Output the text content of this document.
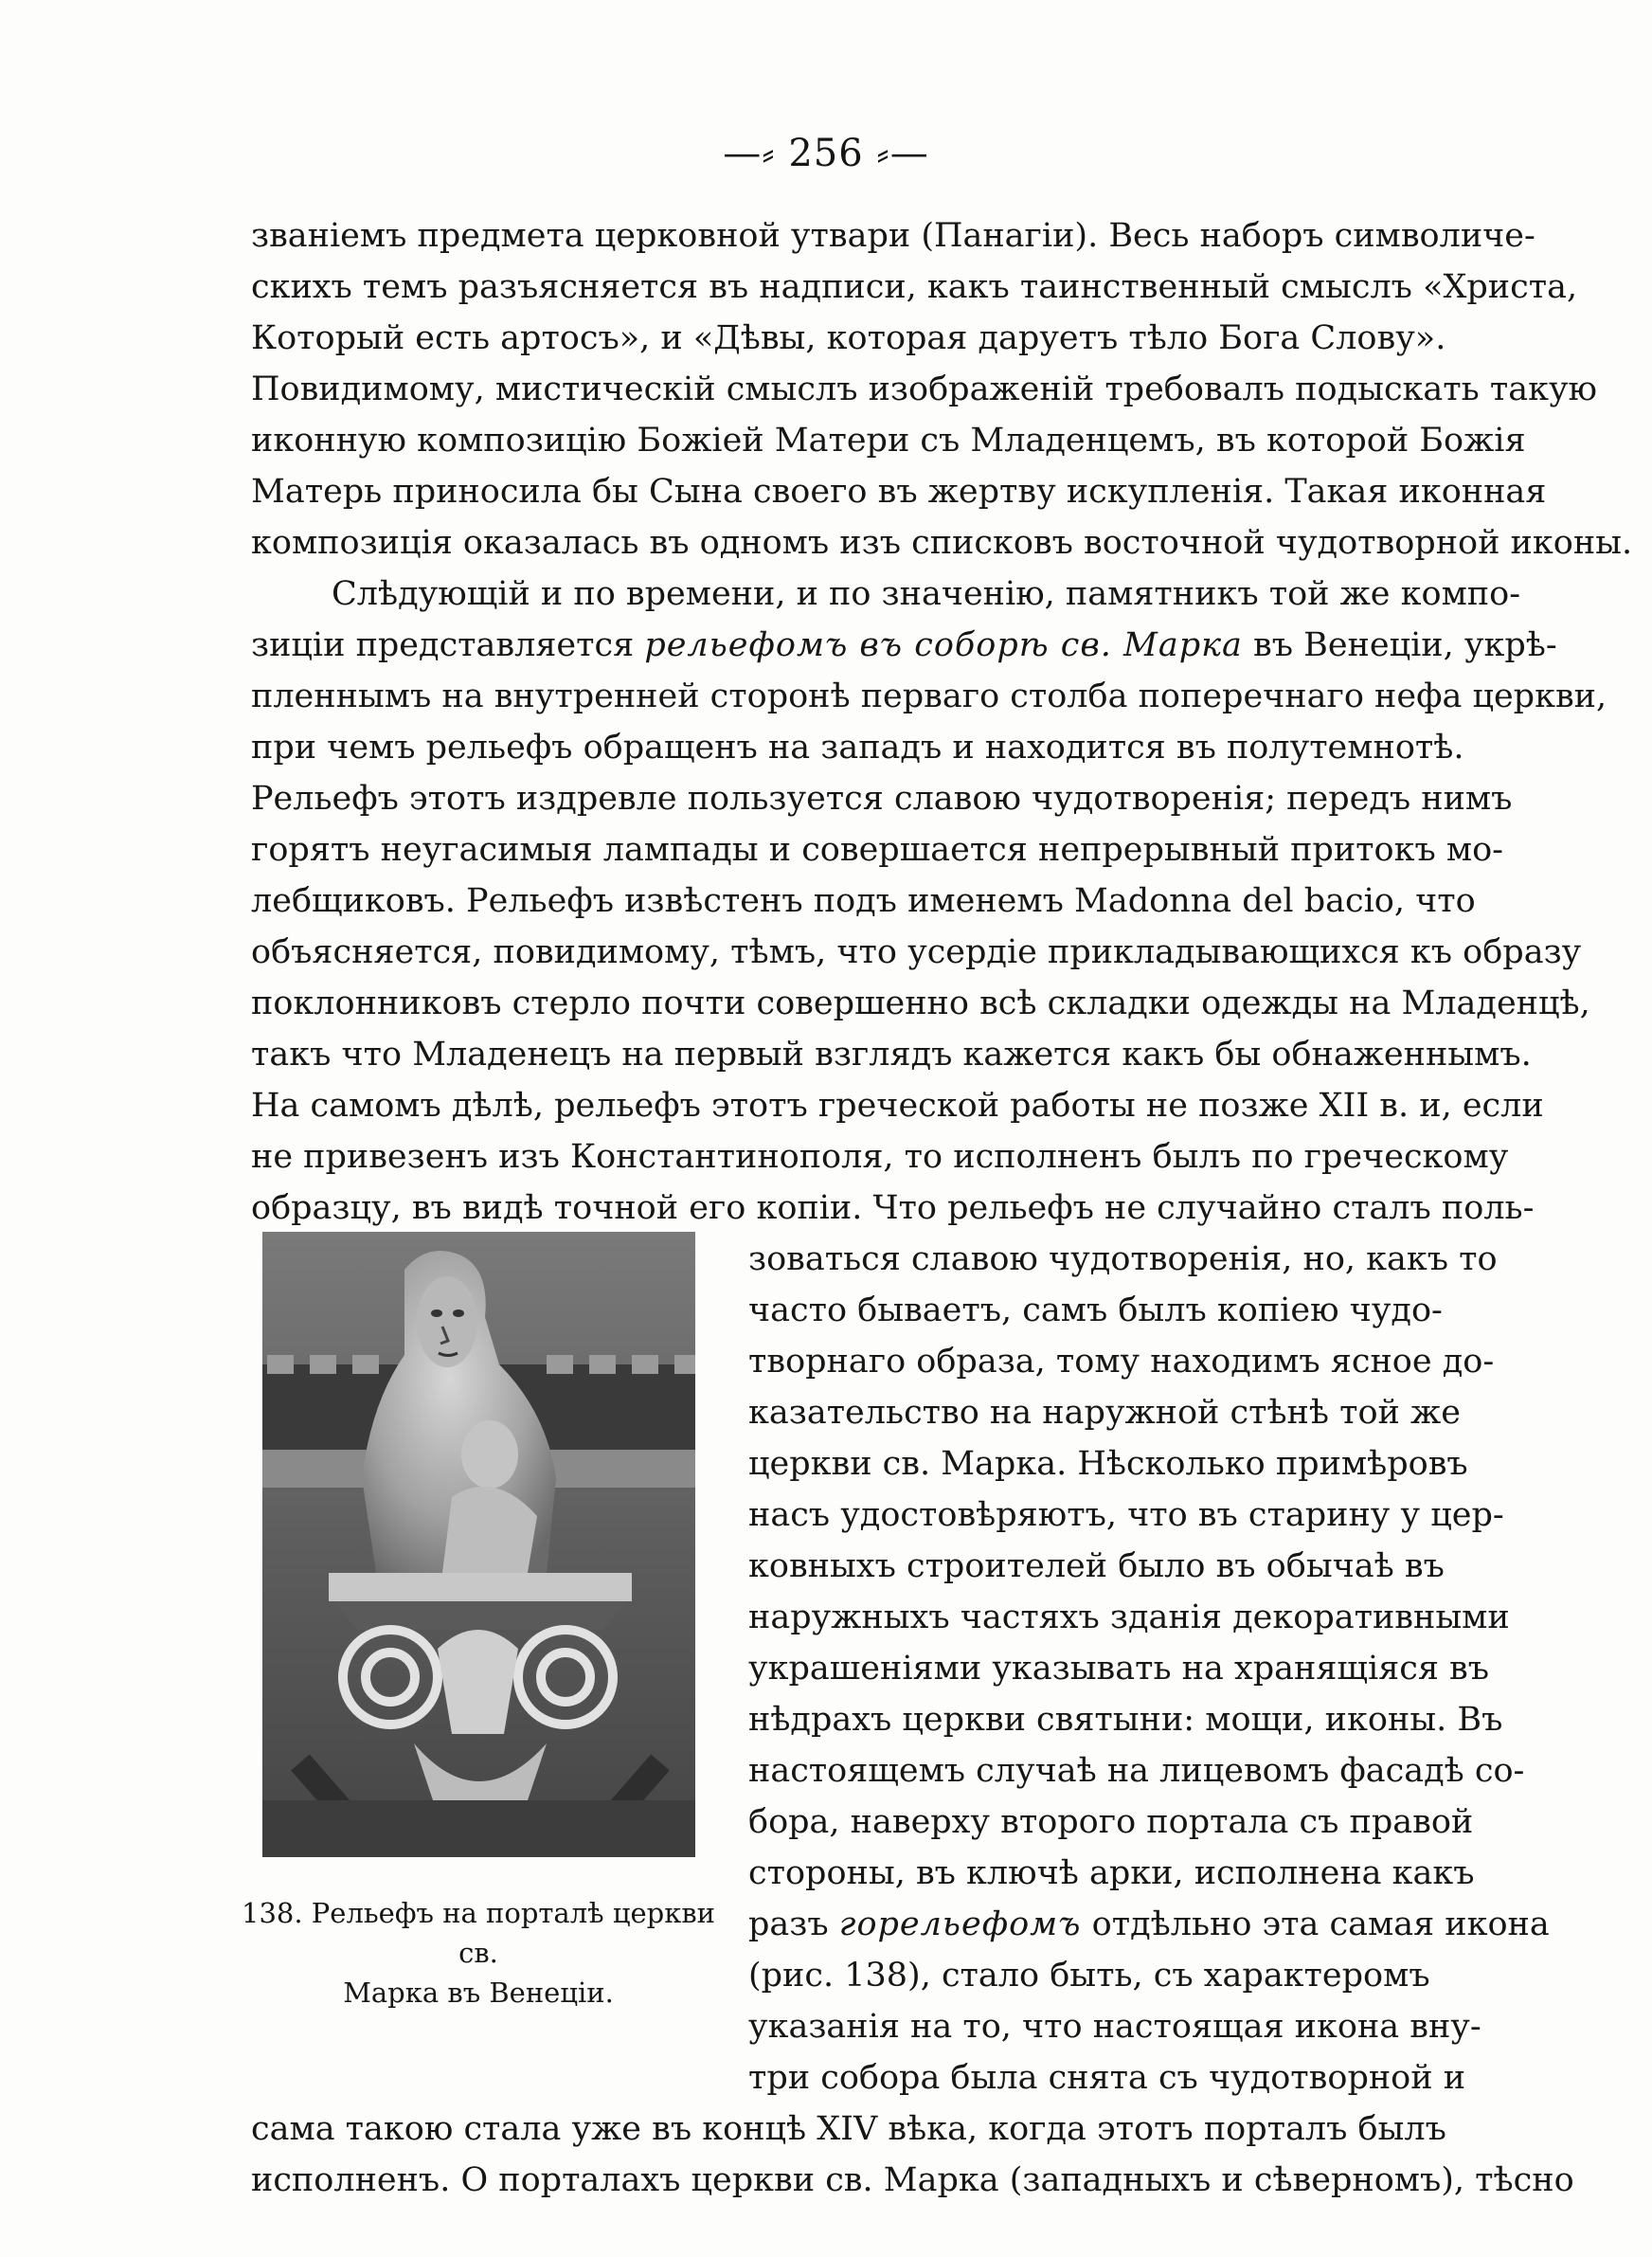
—⸗ 256 ⸗—
званіемъ предмета церковной утвари (Панагіи). Весь наборъ символиче-
скихъ темъ разъясняется въ надписи, какъ таинственный смыслъ «Христа,
Который есть артосъ», и «Дѣвы, которая даруетъ тѣло Бога Слову».
Повидимому, мистическій смыслъ изображеній требовалъ подыскать такую
иконную композицію Божіей Матери съ Младенцемъ, въ которой Божія
Матерь приносила бы Сына своего въ жертву искупленія. Такая иконная
композиція оказалась въ одномъ изъ списковъ восточной чудотворной иконы.
Слѣдующій и по времени, и по значенію, памятникъ той же компо-
зиціи представляется рельефомъ въ соборѣ св. Марка въ Венеціи, укрѣ-
пленнымъ на внутренней сторонѣ перваго столба поперечнаго нефа церкви,
при чемъ рельефъ обращенъ на западъ и находится въ полутемнотѣ.
Рельефъ этотъ издревле пользуется славою чудотворенія; передъ нимъ
горятъ неугасимыя лампады и совершается непрерывный притокъ мо-
лебщиковъ. Рельефъ извѣстенъ подъ именемъ Madonna del bacio, что
объясняется, повидимому, тѣмъ, что усердіе прикладывающихся къ образу
поклонниковъ стерло почти совершенно всѣ складки одежды на Младенцѣ,
такъ что Младенецъ на первый взглядъ кажется какъ бы обнаженнымъ.
На самомъ дѣлѣ, рельефъ этотъ греческой работы не позже XII в. и, если
не привезенъ изъ Константинополя, то исполненъ былъ по греческому
образцу, въ видѣ точной его копіи. Что рельефъ не случайно сталъ поль-
зоваться славою чудотворенія, но, какъ то
часто бываетъ, самъ былъ копіею чудо-
творнаго образа, тому находимъ ясное до-
казательство на наружной стѣнѣ той же
церкви св. Марка. Нѣсколько примѣровъ
насъ удостовѣряютъ, что въ старину у цер-
ковныхъ строителей было въ обычаѣ въ
наружныхъ частяхъ зданія декоративными
украшеніями указывать на хранящіяся въ
нѣдрахъ церкви святыни: мощи, иконы. Въ
настоящемъ случаѣ на лицевомъ фасадѣ со-
бора, наверху второго портала съ правой
стороны, въ ключѣ арки, исполнена какъ
разъ горельефомъ отдѣльно эта самая икона
(рис. 138), стало быть, съ характеромъ
указанія на то, что настоящая икона вну-
три собора была снята съ чудотворной и
сама такою стала уже въ концѣ XIV вѣка, когда этотъ порталъ былъ
исполненъ. О порталахъ церкви св. Марка (западныхъ и сѣверномъ), тѣсно
138. Рельефъ на порталѣ церкви св.
Марка въ Венеціи.
